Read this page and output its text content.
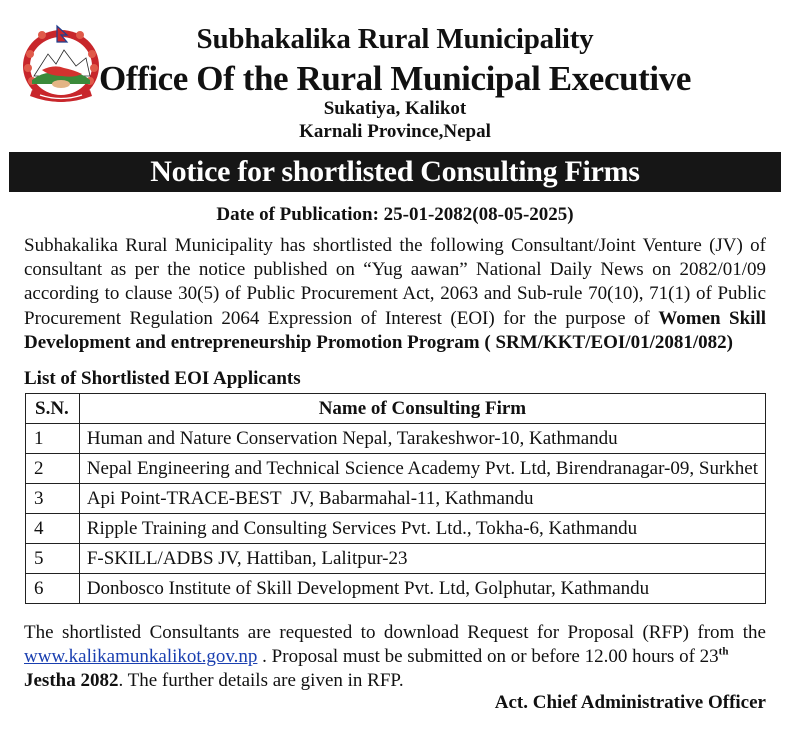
Subhakalika Rural Municipality
Office Of the Rural Municipal Executive
Sukatiya, Kalikot
Karnali Province,Nepal
Notice for shortlisted Consulting Firms
Date of Publication: 25-01-2082(08-05-2025)
Subhakalika Rural Municipality has shortlisted the following Consultant/Joint Venture (JV) of consultant as per the notice published on “Yug aawan” National Daily News on 2082/01/09 according to clause 30(5) of Public Procurement Act, 2063 and Sub-rule 70(10), 71(1) of Public Procurement Regulation 2064 Expression of Interest (EOI) for the purpose of Women Skill Development and entrepreneurship Promotion Program ( SRM/KKT/EOI/01/2081/082)
List of Shortlisted EOI Applicants
S.N.	Name of Consulting Firm
1	Human and Nature Conservation Nepal, Tarakeshwor-10, Kathmandu
2	Nepal Engineering and Technical Science Academy Pvt. Ltd, Birendranagar-09, Surkhet
3	Api Point-TRACE-BEST  JV, Babarmahal-11, Kathmandu
4	Ripple Training and Consulting Services Pvt. Ltd., Tokha-6, Kathmandu
5	F-SKILL/ADBS JV, Hattiban, Lalitpur-23
6	Donbosco Institute of Skill Development Pvt. Ltd, Golphutar, Kathmandu
The shortlisted Consultants are requested to download Request for Proposal (RFP) from the www.kalikamunkalikot.gov.np . Proposal must be submitted on or before 12.00 hours of 23th
Jestha 2082. The further details are given in RFP.
Act. Chief Administrative Officer
